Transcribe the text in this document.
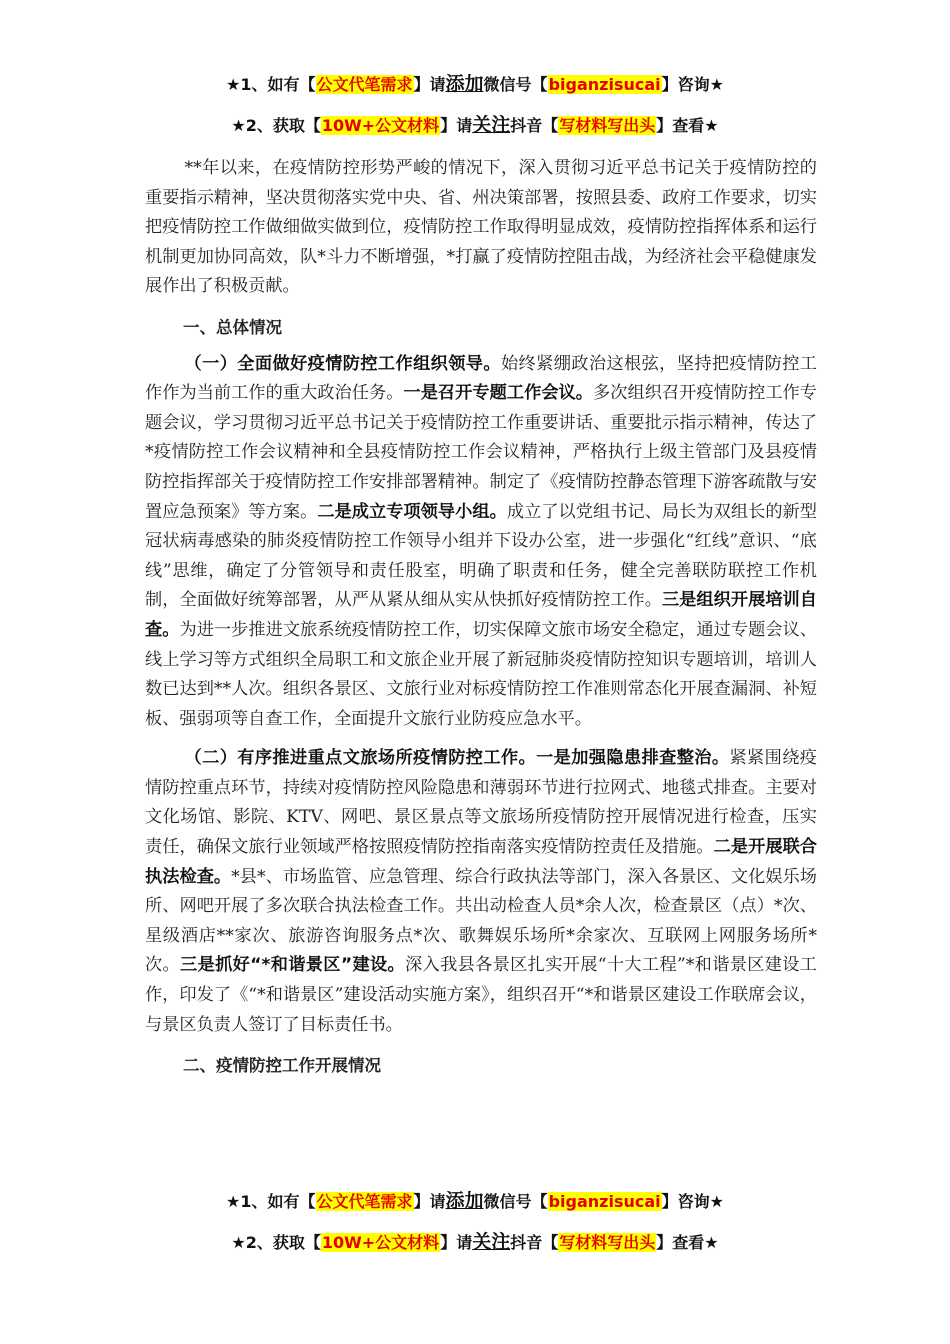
★1、如有【公文代笔需求】请添加微信号【biganzisucai】咨询★
★2、获取【10W+公文材料】请关注抖音【写材料写出头】查看★

**年以来，在疫情防控形势严峻的情况下，深入贯彻习近平总书记关于疫情防控的重要指示精神，坚决贯彻落实党中央、省、州决策部署，按照县委、政府工作要求，切实把疫情防控工作做细做实做到位，疫情防控工作取得明显成效，疫情防控指挥体系和运行机制更加协同高效，队*斗力不断增强，*打赢了疫情防控阻击战，为经济社会平稳健康发展作出了积极贡献。

一、总体情况

（一）全面做好疫情防控工作组织领导。始终紧绷政治这根弦，坚持把疫情防控工作作为当前工作的重大政治任务。一是召开专题工作会议。多次组织召开疫情防控工作专题会议，学习贯彻习近平总书记关于疫情防控工作重要讲话、重要批示指示精神，传达了*疫情防控工作会议精神和全县疫情防控工作会议精神，严格执行上级主管部门及县疫情防控指挥部关于疫情防控工作安排部署精神。制定了《疫情防控静态管理下游客疏散与安置应急预案》等方案。二是成立专项领导小组。成立了以党组书记、局长为双组长的新型冠状病毒感染的肺炎疫情防控工作领导小组并下设办公室，进一步强化“红线”意识、“底线”思维，确定了分管领导和责任股室，明确了职责和任务，健全完善联防联控工作机制，全面做好统筹部署，从严从紧从细从实从快抓好疫情防控工作。三是组织开展培训自查。为进一步推进文旅系统疫情防控工作，切实保障文旅市场安全稳定，通过专题会议、线上学习等方式组织全局职工和文旅企业开展了新冠肺炎疫情防控知识专题培训，培训人数已达到**人次。组织各景区、文旅行业对标疫情防控工作准则常态化开展查漏洞、补短板、强弱项等自查工作，全面提升文旅行业防疫应急水平。

（二）有序推进重点文旅场所疫情防控工作。一是加强隐患排查整治。紧紧围绕疫情防控重点环节，持续对疫情防控风险隐患和薄弱环节进行拉网式、地毯式排查。主要对文化场馆、影院、KTV、网吧、景区景点等文旅场所疫情防控开展情况进行检查，压实责任，确保文旅行业领域严格按照疫情防控指南落实疫情防控责任及措施。二是开展联合执法检查。*县*、市场监管、应急管理、综合行政执法等部门，深入各景区、文化娱乐场所、网吧开展了多次联合执法检查工作。共出动检查人员*余人次，检查景区（点）*次、星级酒店**家次、旅游咨询服务点*次、歌舞娱乐场所*余家次、互联网上网服务场所*次。三是抓好“*和谐景区”建设。深入我县各景区扎实开展“十大工程”*和谐景区建设工作，印发了《“*和谐景区”建设活动实施方案》，组织召开“*和谐景区建设工作联席会议，与景区负责人签订了目标责任书。

二、疫情防控工作开展情况

★1、如有【公文代笔需求】请添加微信号【biganzisucai】咨询★
★2、获取【10W+公文材料】请关注抖音【写材料写出头】查看★
